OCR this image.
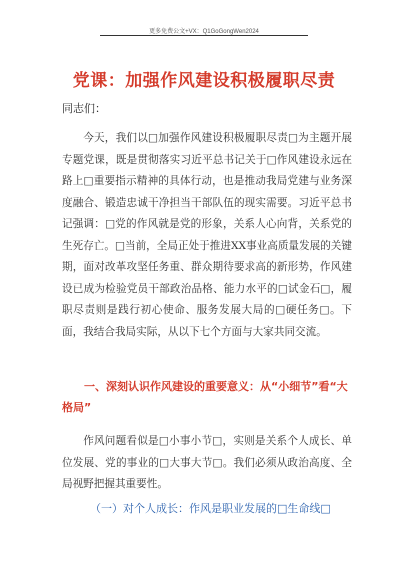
更多免费公文+VX：Q1GoGongWen2024
党课：加强作风建设积极履职尽责
同志们：
今天，我们以□加强作风建设积极履职尽责□为主题开展专题党课，既是贯彻落实习近平总书记关于□作风建设永远在路上□重要指示精神的具体行动，也是推动我局党建与业务深度融合、锻造忠诚干净担当干部队伍的现实需要。习近平总书记强调：□党的作风就是党的形象，关系人心向背，关系党的生死存亡。□当前，全局正处于推进XX事业高质量发展的关键期，面对改革攻坚任务重、群众期待要求高的新形势，作风建设已成为检验党员干部政治品格、能力水平的□试金石□，履职尽责则是践行初心使命、服务发展大局的□硬任务□。下面，我结合我局实际，从以下七个方面与大家共同交流。
一、深刻认识作风建设的重要意义：从“小细节”看“大格局”
作风问题看似是□小事小节□，实则是关系个人成长、单位发展、党的事业的□大事大节□。我们必须从政治高度、全局视野把握其重要性。
（一）对个人成长：作风是职业发展的□生命线□
